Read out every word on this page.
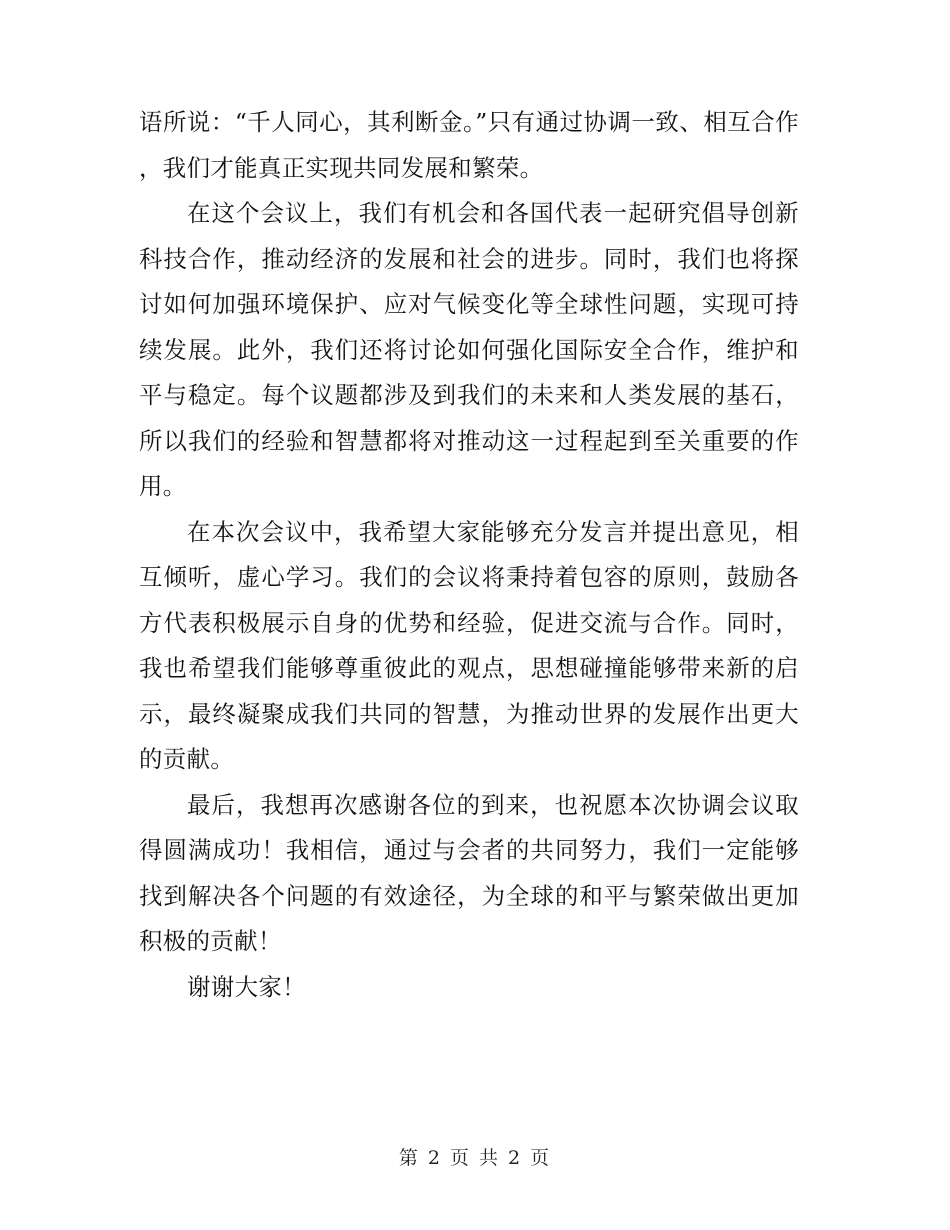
语所说：“千人同心，其利断金。”只有通过协调一致、相互合作，我们才能真正实现共同发展和繁荣。

在这个会议上，我们有机会和各国代表一起研究倡导创新科技合作，推动经济的发展和社会的进步。同时，我们也将探讨如何加强环境保护、应对气候变化等全球性问题，实现可持续发展。此外，我们还将讨论如何强化国际安全合作，维护和平与稳定。每个议题都涉及到我们的未来和人类发展的基石，所以我们的经验和智慧都将对推动这一过程起到至关重要的作用。

在本次会议中，我希望大家能够充分发言并提出意见，相互倾听，虚心学习。我们的会议将秉持着包容的原则，鼓励各方代表积极展示自身的优势和经验，促进交流与合作。同时，我也希望我们能够尊重彼此的观点，思想碰撞能够带来新的启示，最终凝聚成我们共同的智慧，为推动世界的发展作出更大的贡献。

最后，我想再次感谢各位的到来，也祝愿本次协调会议取得圆满成功！我相信，通过与会者的共同努力，我们一定能够找到解决各个问题的有效途径，为全球的和平与繁荣做出更加积极的贡献！

谢谢大家！

第 2 页 共 2 页
